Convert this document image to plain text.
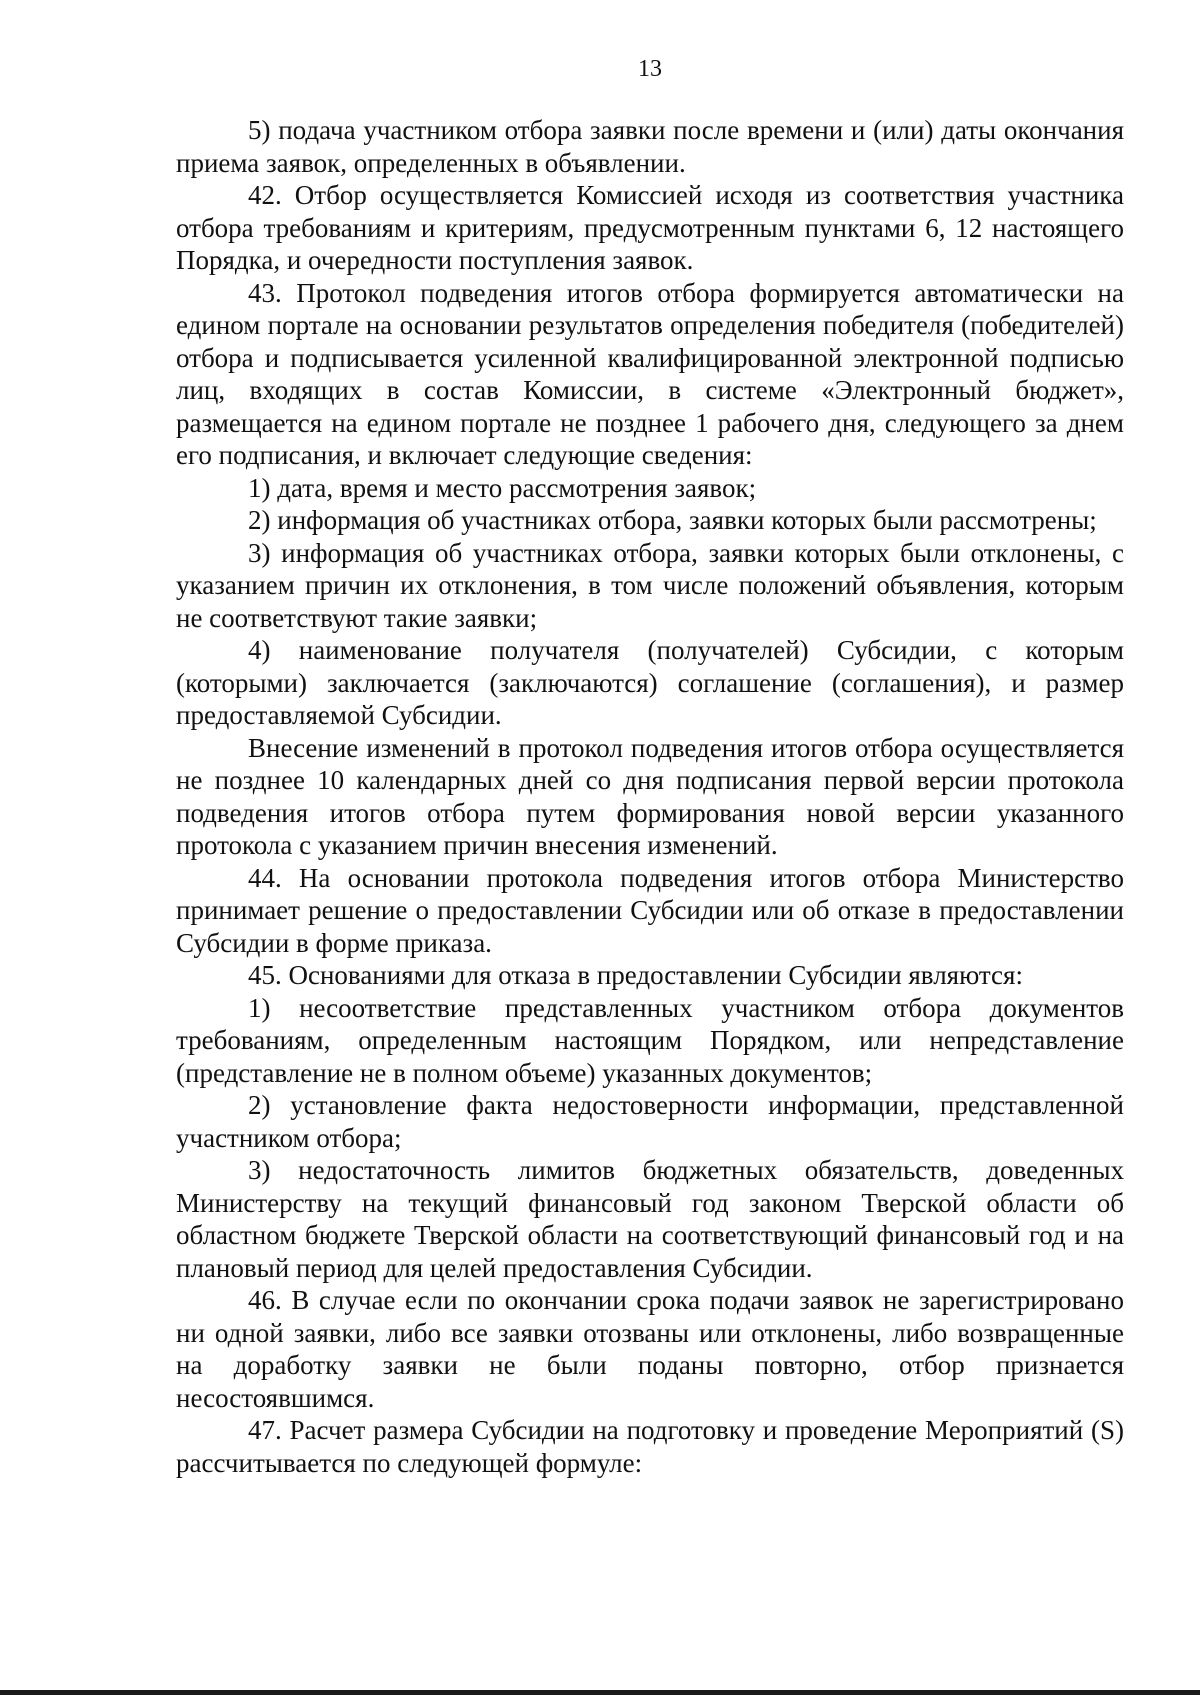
13

5) подача участником отбора заявки после времени и (или) даты окончания приема заявок, определенных в объявлении.

42. Отбор осуществляется Комиссией исходя из соответствия участника отбора требованиям и критериям, предусмотренным пунктами 6, 12 настоящего Порядка, и очередности поступления заявок.

43. Протокол подведения итогов отбора формируется автоматически на едином портале на основании результатов определения победителя (победителей) отбора и подписывается усиленной квалифицированной электронной подписью лиц, входящих в состав Комиссии, в системе «Электронный бюджет», размещается на едином портале не позднее 1 рабочего дня, следующего за днем его подписания, и включает следующие сведения:

1) дата, время и место рассмотрения заявок;

2) информация об участниках отбора, заявки которых были рассмотрены;

3) информация об участниках отбора, заявки которых были отклонены, с указанием причин их отклонения, в том числе положений объявления, которым не соответствуют такие заявки;

4) наименование получателя (получателей) Субсидии, с которым (которыми) заключается (заключаются) соглашение (соглашения), и размер предоставляемой Субсидии.

Внесение изменений в протокол подведения итогов отбора осуществляется не позднее 10 календарных дней со дня подписания первой версии протокола подведения итогов отбора путем формирования новой версии указанного протокола с указанием причин внесения изменений.

44. На основании протокола подведения итогов отбора Министерство принимает решение о предоставлении Субсидии или об отказе в предоставлении Субсидии в форме приказа.

45. Основаниями для отказа в предоставлении Субсидии являются:

1) несоответствие представленных участником отбора документов требованиям, определенным настоящим Порядком, или непредставление (представление не в полном объеме) указанных документов;

2) установление факта недостоверности информации, представленной участником отбора;

3) недостаточность лимитов бюджетных обязательств, доведенных Министерству на текущий финансовый год законом Тверской области об областном бюджете Тверской области на соответствующий финансовый год и на плановый период для целей предоставления Субсидии.

46. В случае если по окончании срока подачи заявок не зарегистрировано ни одной заявки, либо все заявки отозваны или отклонены, либо возвращенные на доработку заявки не были поданы повторно, отбор признается несостоявшимся.

47. Расчет размера Субсидии на подготовку и проведение Мероприятий (S) рассчитывается по следующей формуле:
